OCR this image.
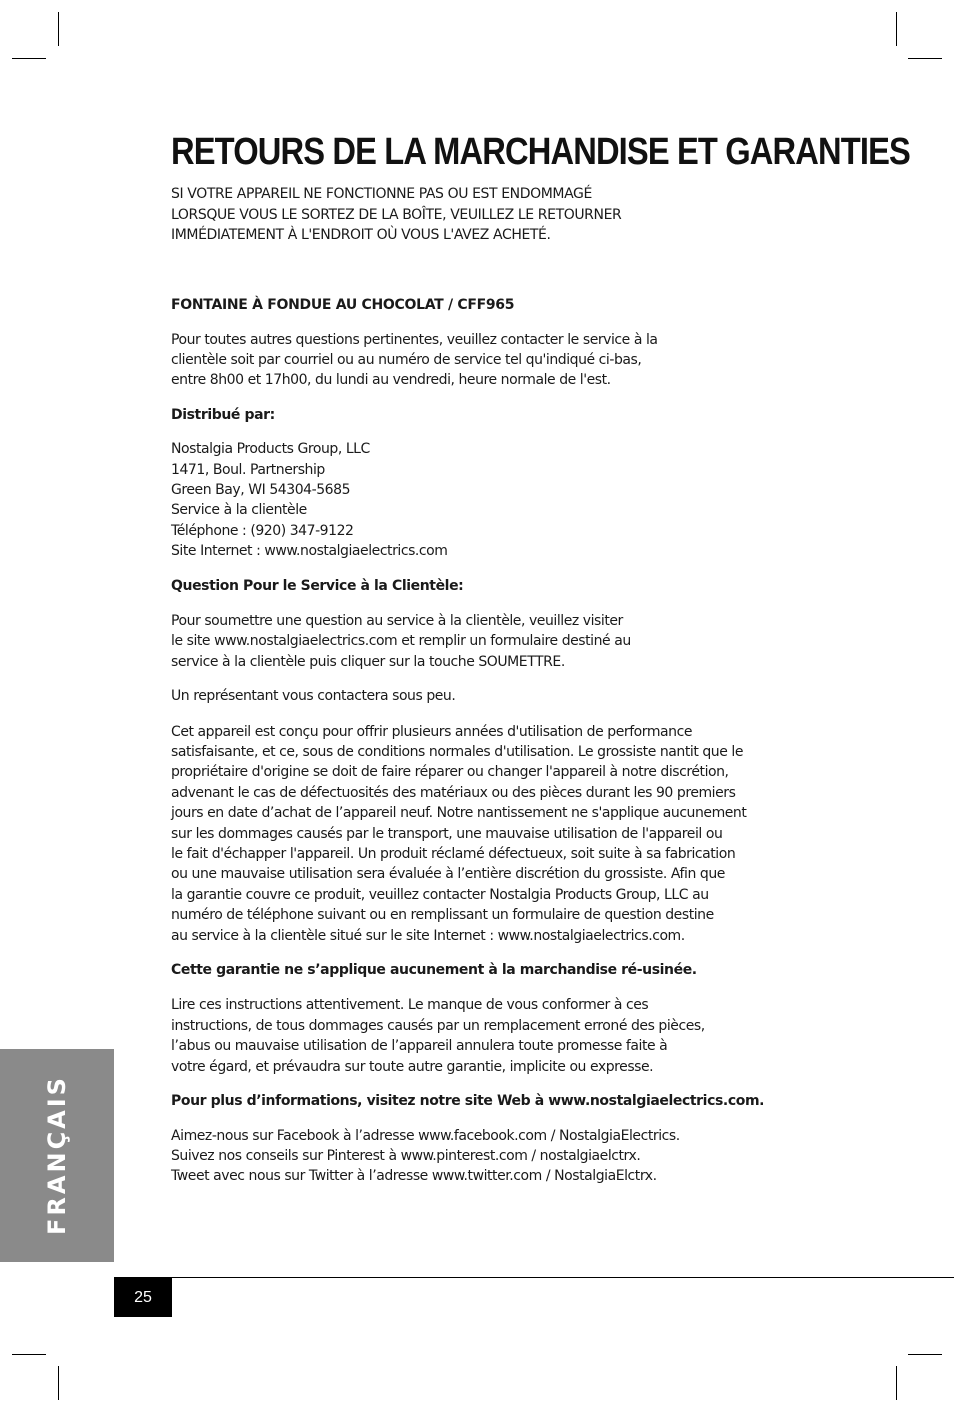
RETOURS DE LA MARCHANDISE ET GARANTIES
SI VOTRE APPAREIL NE FONCTIONNE PAS OU EST ENDOMMAGÉ
LORSQUE VOUS LE SORTEZ DE LA BOÎTE, VEUILLEZ LE RETOURNER
IMMÉDIATEMENT À L'ENDROIT OÙ VOUS L'AVEZ ACHETÉ.
FONTAINE À FONDUE AU CHOCOLAT / CFF965
Pour toutes autres questions pertinentes, veuillez contacter le service à la
clientèle soit par courriel ou au numéro de service tel qu'indiqué ci-bas,
entre 8h00 et 17h00, du lundi au vendredi, heure normale de l'est.
Distribué par:
Nostalgia Products Group, LLC
1471, Boul. Partnership
Green Bay, WI 54304-5685
Service à la clientèle
Téléphone : (920) 347-9122
Site Internet : www.nostalgiaelectrics.com
Question Pour le Service à la Clientèle:
Pour soumettre une question au service à la clientèle, veuillez visiter
le site www.nostalgiaelectrics.com et remplir un formulaire destiné au
service à la clientèle puis cliquer sur la touche SOUMETTRE.
Un représentant vous contactera sous peu.
Cet appareil est conçu pour offrir plusieurs années d'utilisation de performance
satisfaisante, et ce, sous de conditions normales d'utilisation. Le grossiste nantit que le
propriétaire d'origine se doit de faire réparer ou changer l'appareil à notre discrétion,
advenant le cas de défectuosités des matériaux ou des pièces durant les 90 premiers
jours en date d’achat de l’appareil neuf. Notre nantissement ne s'applique aucunement
sur les dommages causés par le transport, une mauvaise utilisation de l'appareil ou
le fait d'échapper l'appareil. Un produit réclamé défectueux, soit suite à sa fabrication
ou une mauvaise utilisation sera évaluée à l’entière discrétion du grossiste. Afin que
la garantie couvre ce produit, veuillez contacter Nostalgia Products Group, LLC au
numéro de téléphone suivant ou en remplissant un formulaire de question destine
au service à la clientèle situé sur le site Internet : www.nostalgiaelectrics.com.
Cette garantie ne s’applique aucunement à la marchandise ré-usinée.
Lire ces instructions attentivement. Le manque de vous conformer à ces
instructions, de tous dommages causés par un remplacement erroné des pièces,
l’abus ou mauvaise utilisation de l’appareil annulera toute promesse faite à
votre égard, et prévaudra sur toute autre garantie, implicite ou expresse.
Pour plus d’informations, visitez notre site Web à www.nostalgiaelectrics.com.
Aimez-nous sur Facebook à l’adresse www.facebook.com / NostalgiaElectrics.
Suivez nos conseils sur Pinterest à www.pinterest.com / nostalgiaelctrx.
Tweet avec nous sur Twitter à l’adresse www.twitter.com / NostalgiaElctrx.
FRANÇAIS
25
